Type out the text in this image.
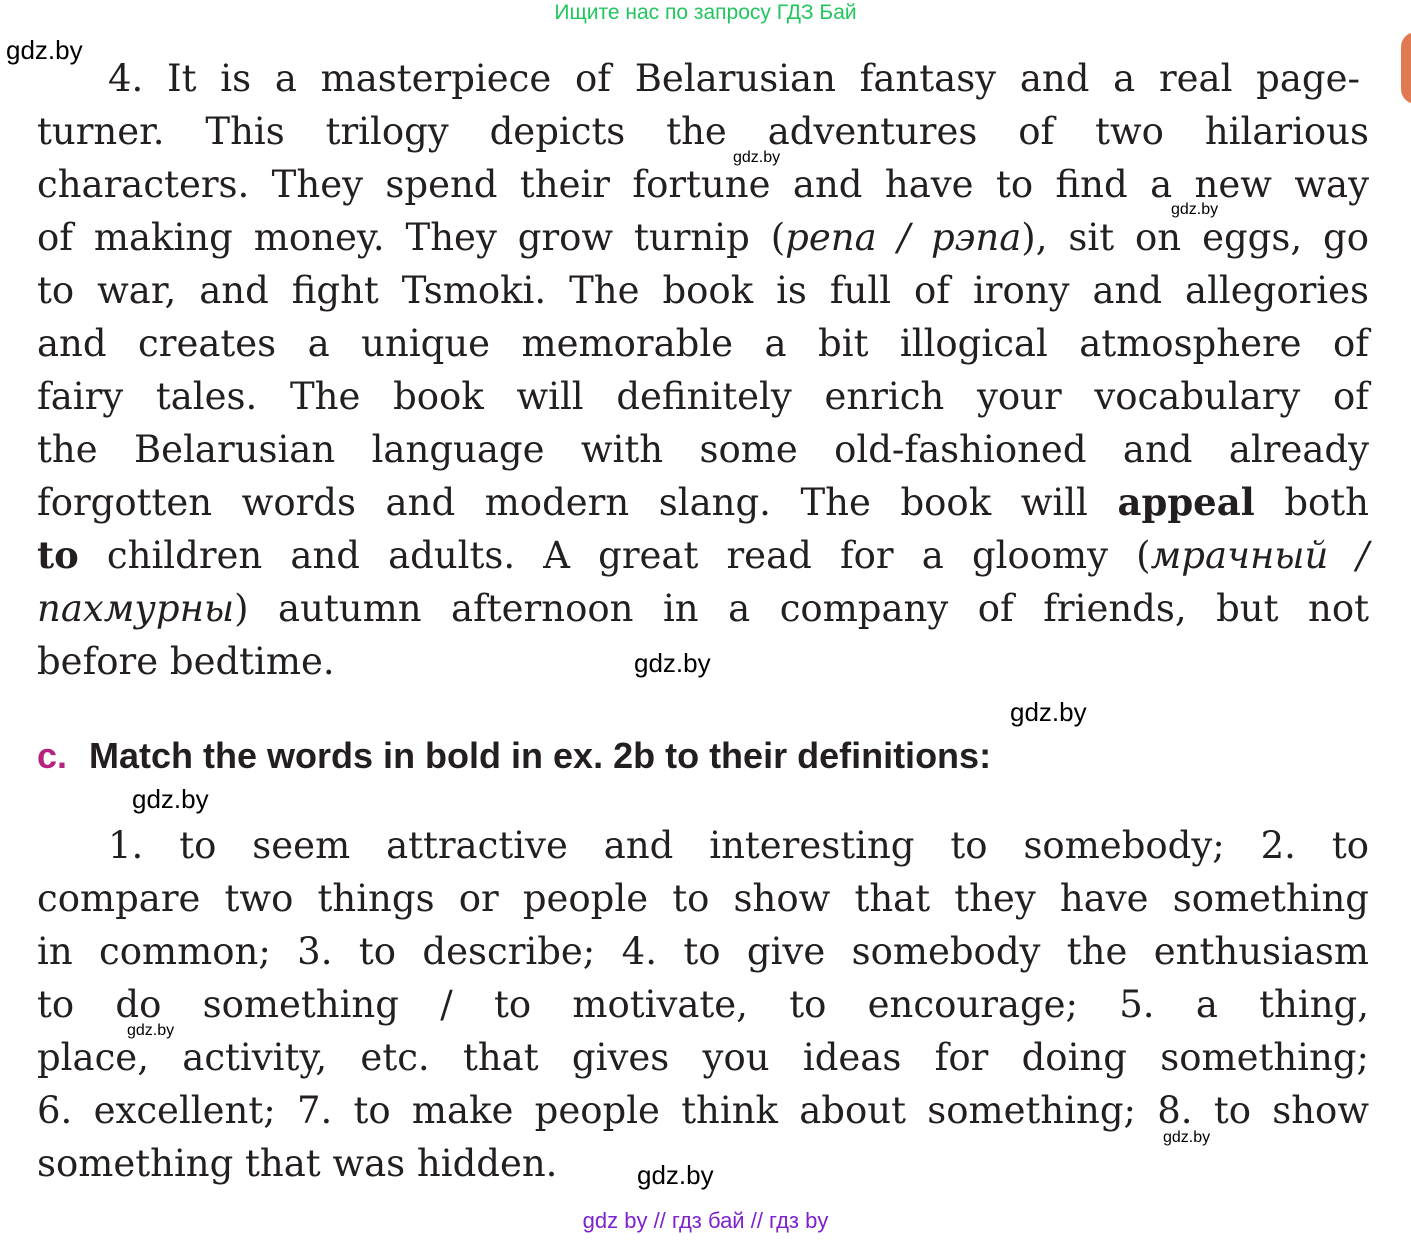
Ищите нас по запросу ГДЗ Бай
gdz.by
gdz.by
gdz.by
gdz.by
gdz.by
gdz.by
gdz.by
gdz.by
gdz.by
4. It is a masterpiece of Belarusian fantasy and a real page-
turner. This trilogy depicts the adventures of two hilarious
characters. They spend their fortune and have to find a new way
of making money. They grow turnip (репа / рэпа), sit on eggs, go
to war, and fight Tsmoki. The book is full of irony and allegories
and creates a unique memorable a bit illogical atmosphere of
fairy tales. The book will definitely enrich your vocabulary of
the Belarusian language with some old-fashioned and already
forgotten words and modern slang. The book will appeal both
to children and adults. A great read for a gloomy (мрачный /
пахмурны) autumn afternoon in a company of friends, but not
before bedtime.
c. Match the words in bold in ex. 2b to their definitions:
1. to seem attractive and interesting to somebody; 2. to
compare two things or people to show that they have something
in common; 3. to describe; 4. to give somebody the enthusiasm
to do something / to motivate, to encourage; 5. a thing,
place, activity, etc. that gives you ideas for doing something;
6. excellent; 7. to make people think about something; 8. to show
something that was hidden.
gdz by // гдз бай // гдз by
